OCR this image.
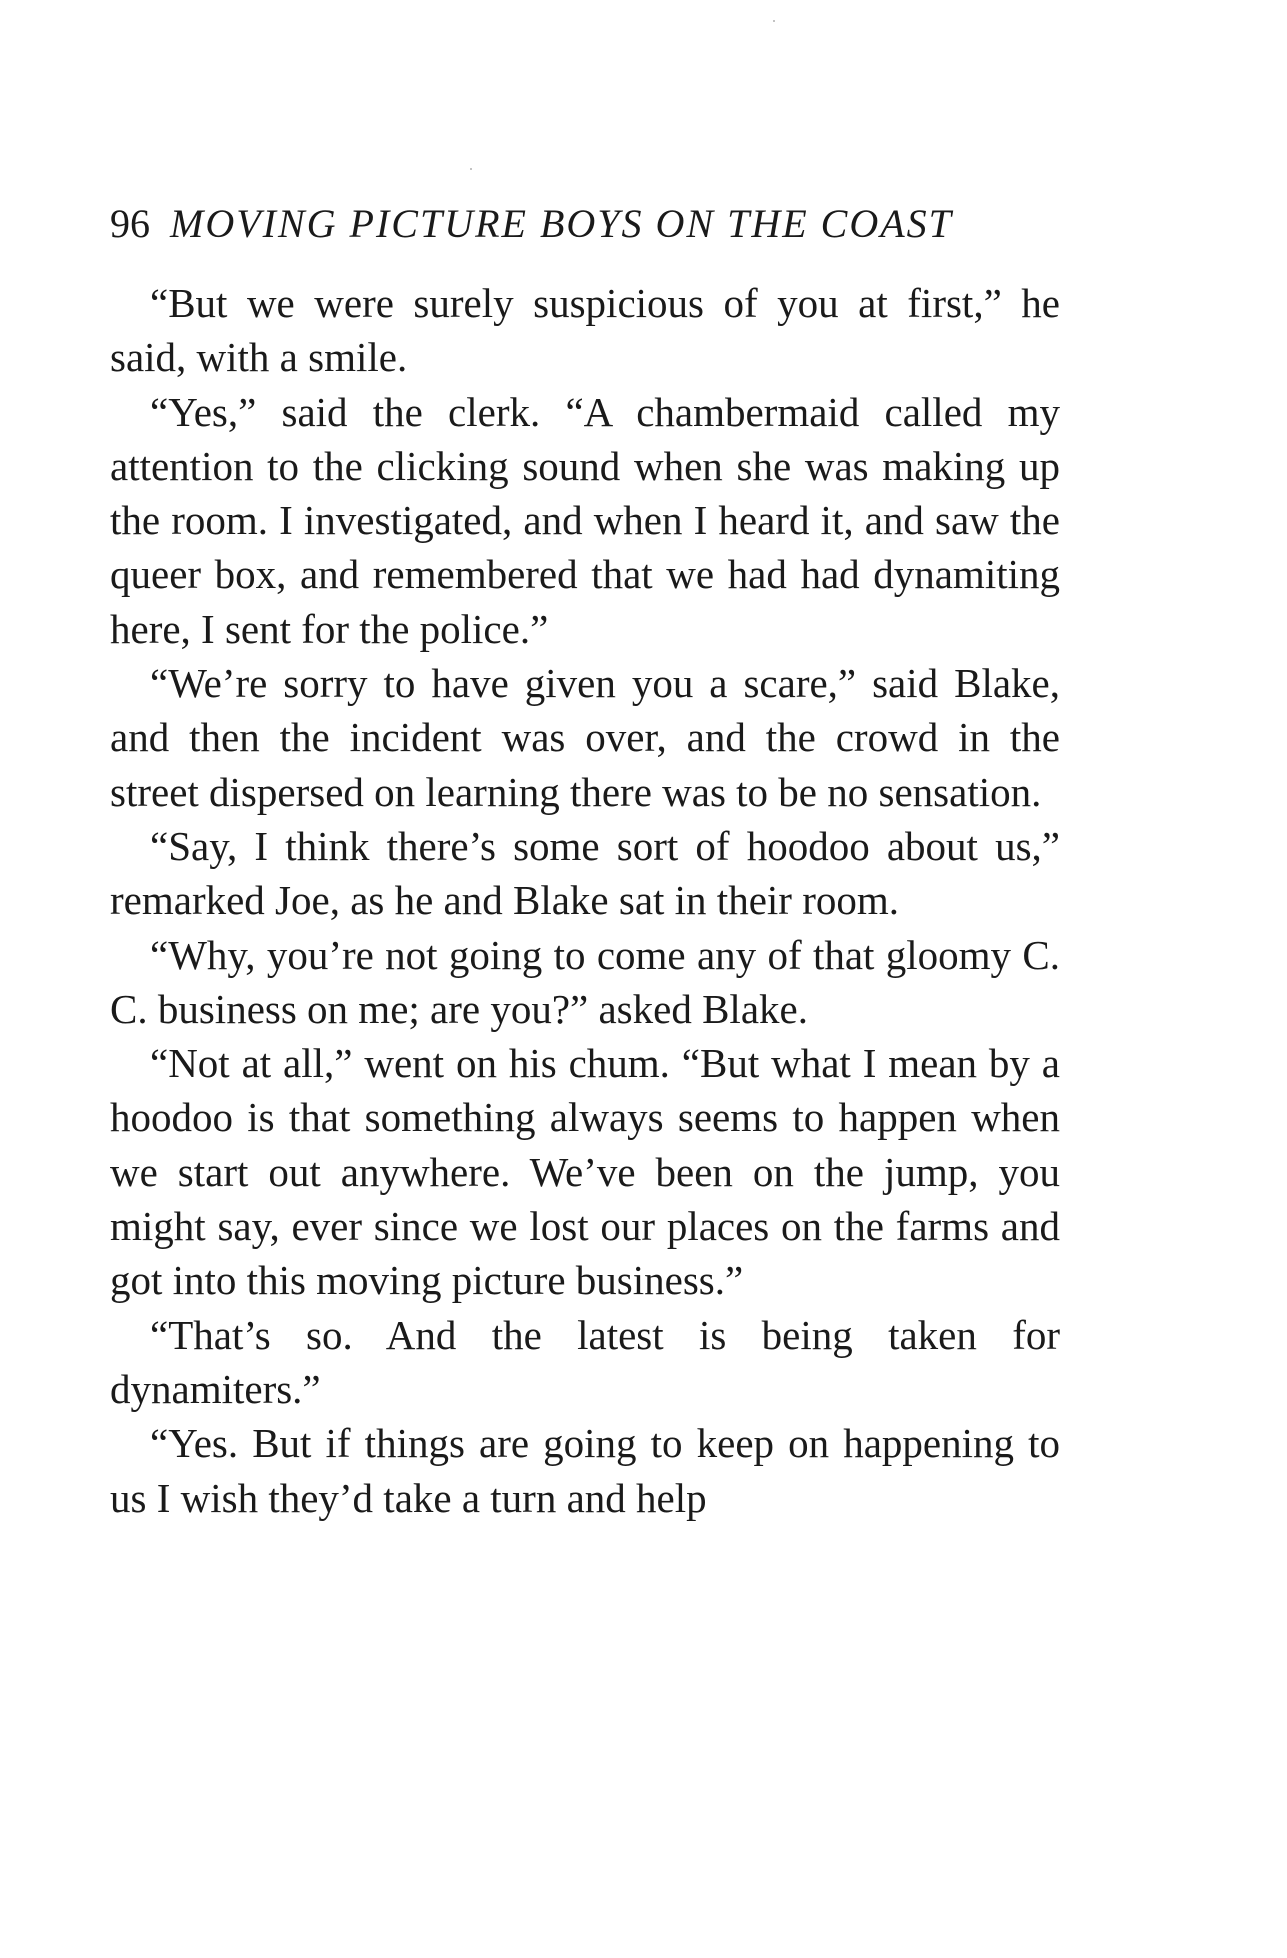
96 MOVING PICTURE BOYS ON THE COAST

“But we were surely suspicious of you at first,” he said, with a smile.

“Yes,” said the clerk. “A chambermaid called my attention to the clicking sound when she was making up the room. I investigated, and when I heard it, and saw the queer box, and remembered that we had had dynamiting here, I sent for the police.”

“We’re sorry to have given you a scare,” said Blake, and then the incident was over, and the crowd in the street dispersed on learning there was to be no sensation.

“Say, I think there’s some sort of hoodoo about us,” remarked Joe, as he and Blake sat in their room.

“Why, you’re not going to come any of that gloomy C. C. business on me; are you?” asked Blake.

“Not at all,” went on his chum. “But what I mean by a hoodoo is that something always seems to happen when we start out anywhere. We’ve been on the jump, you might say, ever since we lost our places on the farms and got into this moving picture business.”

“That’s so. And the latest is being taken for dynamiters.”

“Yes. But if things are going to keep on happening to us I wish they’d take a turn and help
